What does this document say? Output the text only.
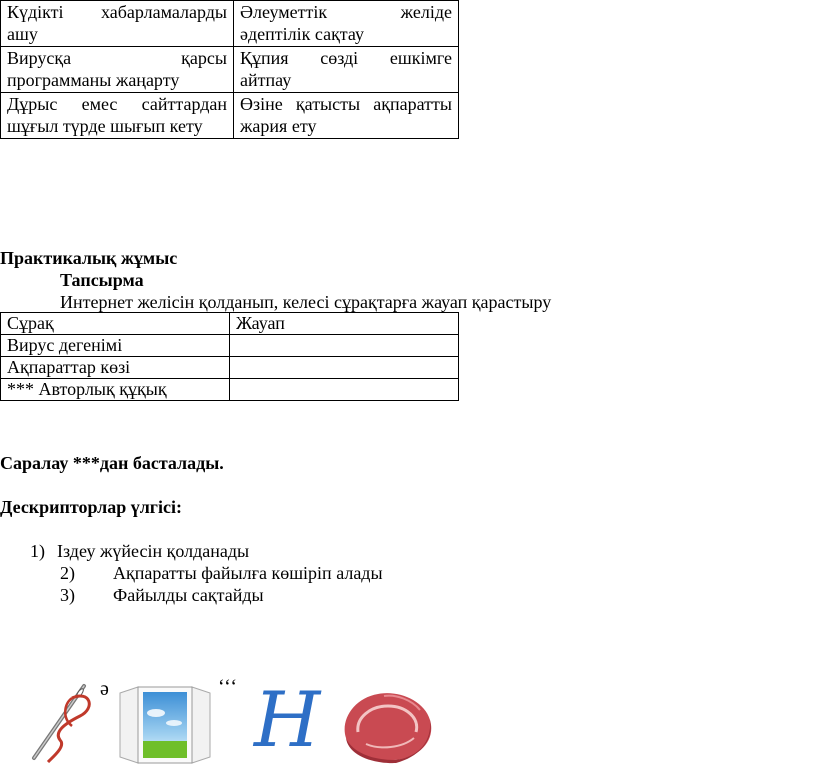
Күдікті хабарламаларды ашу	Әлеуметтік желіде әдептілік сақтау
Вирусқа қарсы программаны жаңарту	Құпия сөзді ешкімге айтпау
Дұрыс емес сайттардан шұғыл түрде шығып кету	Өзіне қатысты ақпаратты жария ету
Практикалық жұмыс
Тапсырма
Интернет желісін қолданып, келесі сұрақтарға жауап қарастыру
Сұрақ	Жауап
Вирус дегенімі	
Ақпараттар көзі	
*** Авторлық құқық	
Саралау ***дан басталады.
Дескрипторлар үлгісі:
1) Іздеу жүйесін қолданады
2) Ақпаратты файылға көшіріп алады
3) Файылды сақтайды
ә	‘‘‘ Н
